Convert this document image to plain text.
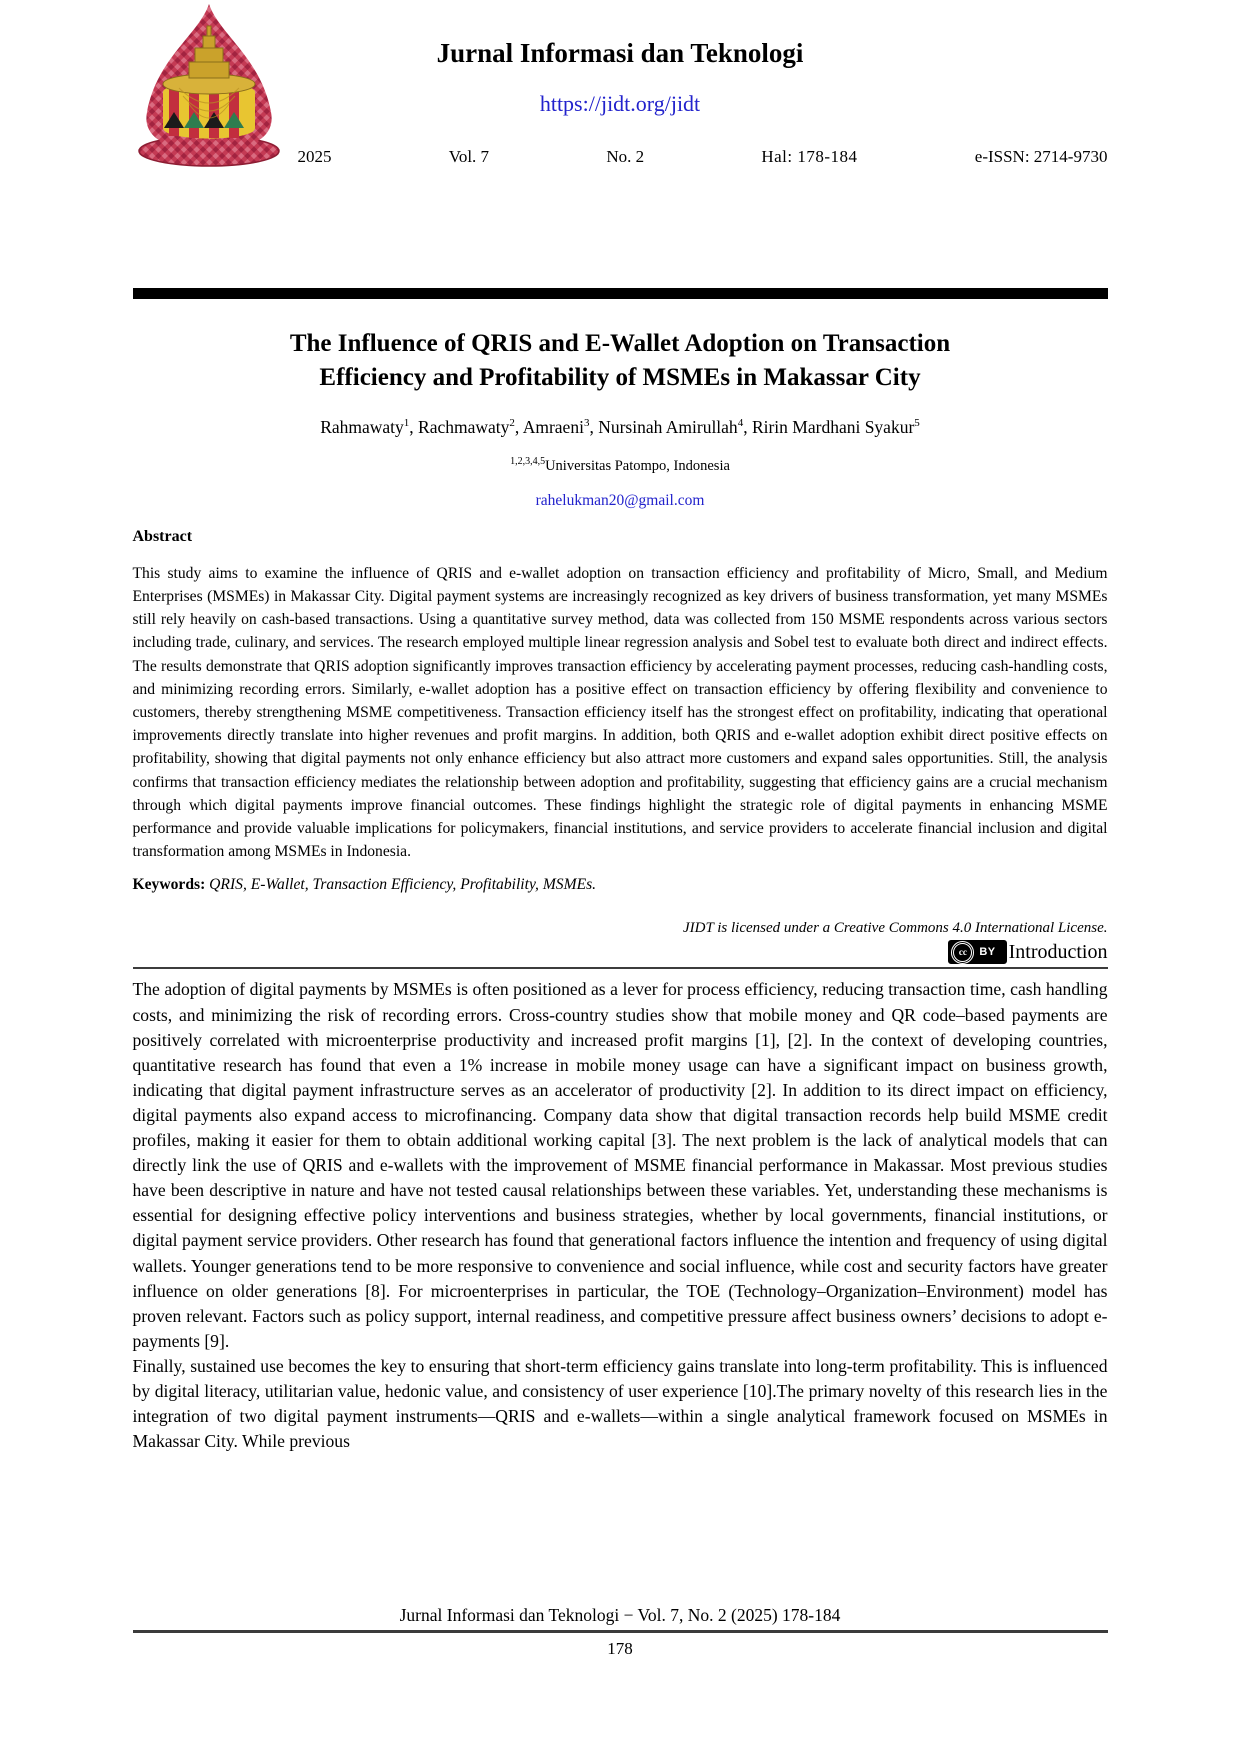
Jurnal Informasi dan Teknologi
https://jidt.org/jidt
2025	Vol. 7	No. 2	Hal: 178-184	e-ISSN: 2714-9730
The Influence of QRIS and E-Wallet Adoption on Transaction
Efficiency and Profitability of MSMEs in Makassar City
Rahmawaty$^1$, Rachmawaty$^2$, Amraeni$^3$, Nursinah Amirullah$^4$, Ririn Mardhani Syakur$^5$
$^{1,2,3,4,5}$Universitas Patompo, Indonesia
rahelukman20@gmail.com
Abstract
This study aims to examine the influence of QRIS and e-wallet adoption on transaction efficiency and profitability of Micro, Small, and Medium Enterprises (MSMEs) in Makassar City. Digital payment systems are increasingly recognized as key drivers of business transformation, yet many MSMEs still rely heavily on cash-based transactions. Using a quantitative survey method, data was collected from 150 MSME respondents across various sectors including trade, culinary, and services. The research employed multiple linear regression analysis and Sobel test to evaluate both direct and indirect effects. The results demonstrate that QRIS adoption significantly improves transaction efficiency by accelerating payment processes, reducing cash-handling costs, and minimizing recording errors. Similarly, e-wallet adoption has a positive effect on transaction efficiency by offering flexibility and convenience to customers, thereby strengthening MSME competitiveness. Transaction efficiency itself has the strongest effect on profitability, indicating that operational improvements directly translate into higher revenues and profit margins. In addition, both QRIS and e-wallet adoption exhibit direct positive effects on profitability, showing that digital payments not only enhance efficiency but also attract more customers and expand sales opportunities. Still, the analysis confirms that transaction efficiency mediates the relationship between adoption and profitability, suggesting that efficiency gains are a crucial mechanism through which digital payments improve financial outcomes. These findings highlight the strategic role of digital payments in enhancing MSME performance and provide valuable implications for policymakers, financial institutions, and service providers to accelerate financial inclusion and digital transformation among MSMEs in Indonesia.
Keywords: QRIS, E-Wallet, Transaction Efficiency, Profitability, MSMEs.
JIDT is licensed under a Creative Commons 4.0 International License.
cc	BY Introduction

The adoption of digital payments by MSMEs is often positioned as a lever for process efficiency, reducing transaction time, cash handling costs, and minimizing the risk of recording errors. Cross-country studies show that mobile money and QR code–based payments are positively correlated with microenterprise productivity and increased profit margins [1], [2]. In the context of developing countries, quantitative research has found that even a 1% increase in mobile money usage can have a significant impact on business growth, indicating that digital payment infrastructure serves as an accelerator of productivity [2]. In addition to its direct impact on efficiency, digital payments also expand access to microfinancing. Company data show that digital transaction records help build MSME credit profiles, making it easier for them to obtain additional working capital [3]. The next problem is the lack of analytical models that can directly link the use of QRIS and e-wallets with the improvement of MSME financial performance in Makassar. Most previous studies have been descriptive in nature and have not tested causal relationships between these variables. Yet, understanding these mechanisms is essential for designing effective policy interventions and business strategies, whether by local governments, financial institutions, or digital payment service providers. Other research has found that generational factors influence the intention and frequency of using digital wallets. Younger generations tend to be more responsive to convenience and social influence, while cost and security factors have greater influence on older generations [8]. For microenterprises in particular, the TOE (Technology–Organization–Environment) model has proven relevant. Factors such as policy support, internal readiness, and competitive pressure affect business owners’ decisions to adopt e-payments [9].

Finally, sustained use becomes the key to ensuring that short-term efficiency gains translate into long-term profitability. This is influenced by digital literacy, utilitarian value, hedonic value, and consistency of user experience [10].The primary novelty of this research lies in the integration of two digital payment instruments—QRIS and e-wallets—within a single analytical framework focused on MSMEs in Makassar City. While previous

Jurnal Informasi dan Teknologi − Vol. 7, No. 2 (2025) 178-184
178
